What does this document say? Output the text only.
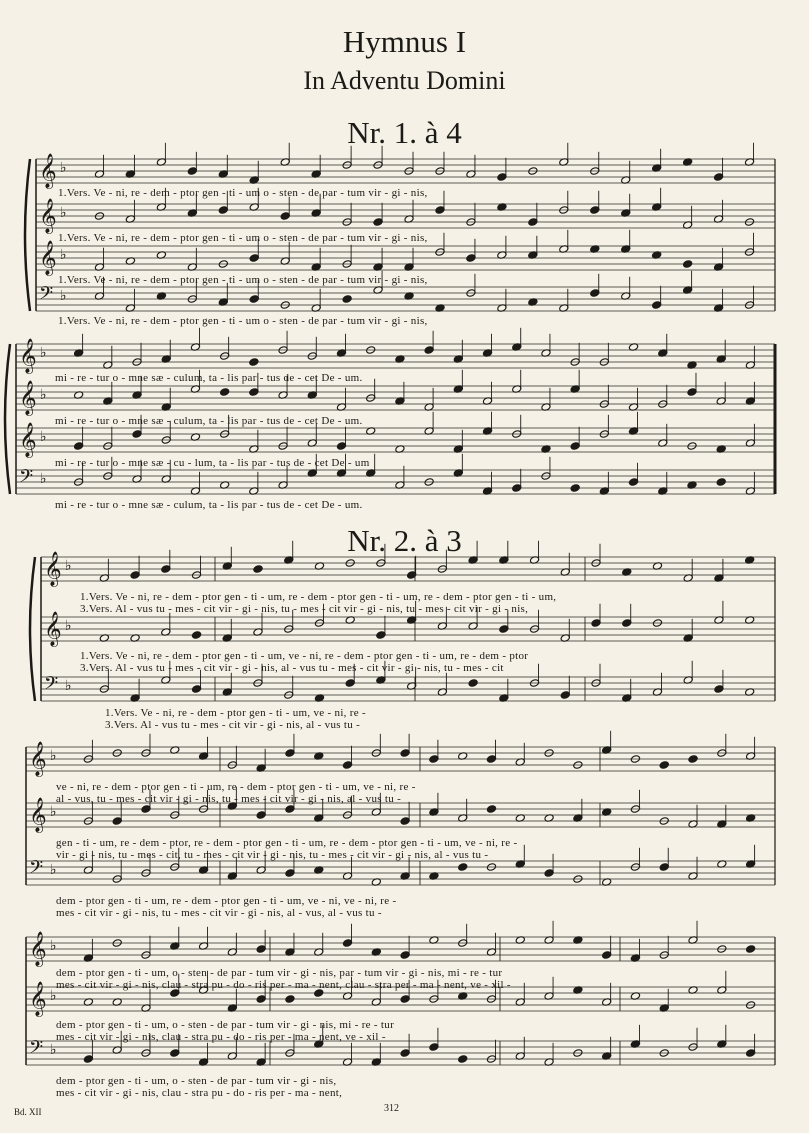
Hymnus I
In Adventu Domini
Nr. 1. à 4
Nr. 2. à 3
𝄞 ♭
𝄞 ♭
𝄞 ♭
𝄢 ♭
1.Vers. Ve - ni, re - dem - ptor gen - ti - um o - sten - de par - tum vir - gi - nis,
1.Vers. Ve - ni, re - dem - ptor gen - ti - um o - sten - de par - tum vir - gi - nis,
1.Vers. Ve - ni, re - dem - ptor gen - ti - um o - sten - de par - tum vir - gi - nis,
1.Vers. Ve - ni, re - dem - ptor gen - ti - um o - sten - de par - tum vir - gi - nis,
𝄞 ♭
𝄞 ♭
𝄞 ♭
𝄢 ♭
mi - re - tur o - mne sæ - culum, ta - lis par - tus de - cet De - um.
mi - re - tur o - mne sæ - culum, ta - lis par - tus de - cet De - um.
mi - re - tur o - mne sæ - cu - lum, ta - lis par - tus de - cet De - um
mi - re - tur o - mne sæ - culum, ta - lis par - tus de - cet De - um.
𝄞 ♭
𝄞 ♭
𝄢 ♭
1.Vers. Ve - ni, re - dem - ptor gen - ti - um, re - dem - ptor gen - ti - um, re - dem - ptor gen - ti - um,
3.Vers. Al - vus tu - mes - cit vir - gi - nis, tu - mes - cit vir - gi - nis, tu - mes - cit vir - gi - nis,
1.Vers. Ve - ni, re - dem - ptor gen - ti - um, ve - ni, re - dem - ptor gen - ti - um, re - dem - ptor
3.Vers. Al - vus tu - mes - cit vir - gi - nis, al - vus tu - mes - cit vir - gi - nis, tu - mes - cit
1.Vers. Ve - ni, re - dem - ptor gen - ti - um, ve - ni, re -
3.Vers. Al - vus tu - mes - cit vir - gi - nis, al - vus tu -
𝄞 ♭
𝄞 ♭
𝄢 ♭
ve - ni, re - dem - ptor gen - ti - um, re - dem - ptor gen - ti - um, ve - ni, re -
al - vus, tu - mes - cit vir - gi - nis, tu - mes - cit vir - gi - nis, al - vus tu -
gen - ti - um, re - dem - ptor, re - dem - ptor gen - ti - um, re - dem - ptor gen - ti - um, ve - ni, re -
vir - gi - nis, tu - mes - cit, tu - mes - cit vir - gi - nis, tu - mes - cit vir - gi - nis, al - vus tu -
dem - ptor gen - ti - um, re - dem - ptor gen - ti - um, ve - ni, ve - ni, re -
mes - cit vir - gi - nis, tu - mes - cit vir - gi - nis, al - vus, al - vus tu -
𝄞 ♭
𝄞 ♭
𝄢 ♭
dem - ptor gen - ti - um, o - sten - de par - tum vir - gi - nis, par - tum vir - gi - nis, mi - re - tur
mes - cit vir - gi - nis, clau - stra pu - do - ris per - ma - nent, clau - stra per - ma - nent, ve - xil -
dem - ptor gen - ti - um, o - sten - de par - tum vir - gi - nis, mi - re - tur
mes - cit vir - gi - nis, clau - stra pu - do - ris per - ma - nent, ve - xil -
dem - ptor gen - ti - um, o - sten - de par - tum vir - gi - nis,
mes - cit vir - gi - nis, clau - stra pu - do - ris per - ma - nent,
Bd. XII	312
